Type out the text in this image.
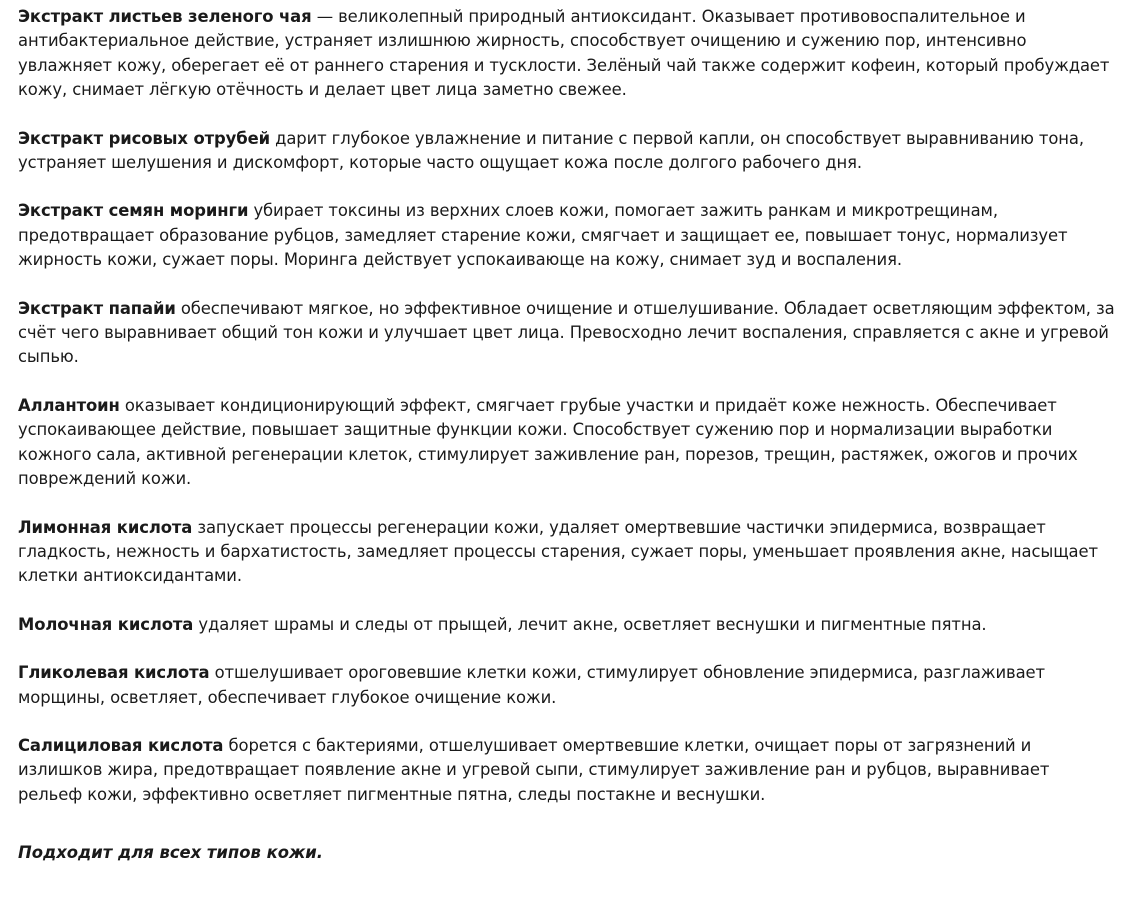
Экстракт листьев зеленого чая — великолепный природный антиоксидант. Оказывает противовоспалительное и антибактериальное действие, устраняет излишнюю жирность, способствует очищению и сужению пор, интенсивно увлажняет кожу, оберегает её от раннего старения и тусклости. Зелёный чай также содержит кофеин, который пробуждает кожу, снимает лёгкую отёчность и делает цвет лица заметно свежее.

Экстракт рисовых отрубей дарит глубокое увлажнение и питание с первой капли, он способствует выравниванию тона, устраняет шелушения и дискомфорт, которые часто ощущает кожа после долгого рабочего дня.

Экстракт семян моринги убирает токсины из верхних слоев кожи, помогает зажить ранкам и микротрещинам, предотвращает образование рубцов, замедляет старение кожи, смягчает и защищает ее, повышает тонус, нормализует жирность кожи, сужает поры. Моринга действует успокаивающе на кожу, снимает зуд и воспаления.

Экстракт папайи обеспечивают мягкое, но эффективное очищение и отшелушивание. Обладает осветляющим эффектом, за счёт чего выравнивает общий тон кожи и улучшает цвет лица. Превосходно лечит воспаления, справляется с акне и угревой сыпью.

Аллантоин оказывает кондиционирующий эффект, смягчает грубые участки и придаёт коже нежность. Обеспечивает успокаивающее действие, повышает защитные функции кожи. Способствует сужению пор и нормализации выработки кожного сала, активной регенерации клеток, стимулирует заживление ран, порезов, трещин, растяжек, ожогов и прочих повреждений кожи.

Лимонная кислота запускает процессы регенерации кожи, удаляет омертвевшие частички эпидермиса, возвращает гладкость, нежность и бархатистость, замедляет процессы старения, сужает поры, уменьшает проявления акне, насыщает клетки антиоксидантами.

Молочная кислота удаляет шрамы и следы от прыщей, лечит акне, осветляет веснушки и пигментные пятна.

Гликолевая кислота отшелушивает ороговевшие клетки кожи, стимулирует обновление эпидермиса, разглаживает морщины, осветляет, обеспечивает глубокое очищение кожи.

Салициловая кислота борется с бактериями, отшелушивает омертвевшие клетки, очищает поры от загрязнений и излишков жира, предотвращает появление акне и угревой сыпи, стимулирует заживление ран и рубцов, выравнивает рельеф кожи, эффективно осветляет пигментные пятна, следы постакне и веснушки.

Подходит для всех типов кожи.
